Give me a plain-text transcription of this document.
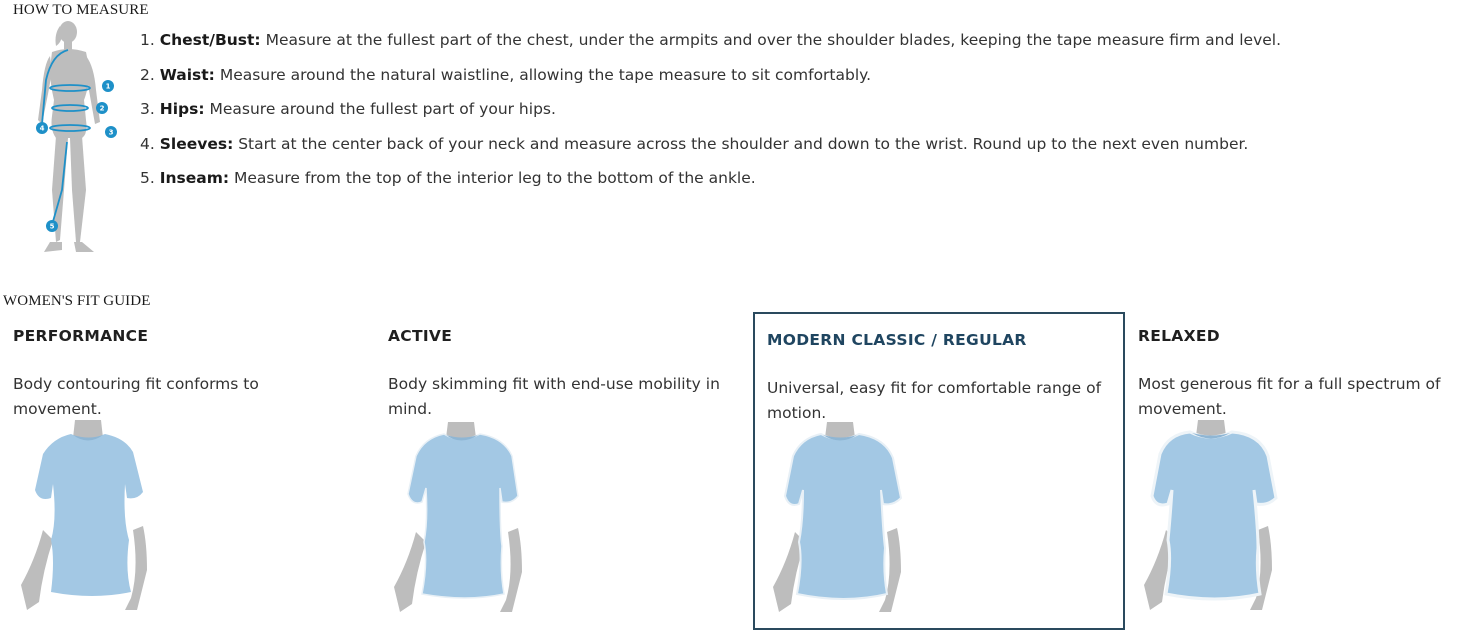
HOW TO MEASURE
1
2
3
4
5
1. Chest/Bust: Measure at the fullest part of the chest, under the armpits and over the shoulder blades, keeping the tape measure firm and level.
2. Waist: Measure around the natural waistline, allowing the tape measure to sit comfortably.
3. Hips: Measure around the fullest part of your hips.
4. Sleeves: Start at the center back of your neck and measure across the shoulder and down to the wrist. Round up to the next even number.
5. Inseam: Measure from the top of the interior leg to the bottom of the ankle.
WOMEN'S FIT GUIDE

PERFORMANCE

Body contouring fit conforms to movement.

ACTIVE

Body skimming fit with end-use mobility in mind.

MODERN CLASSIC / REGULAR

Universal, easy fit for comfortable range of motion.

RELAXED

Most generous fit for a full spectrum of movement.
